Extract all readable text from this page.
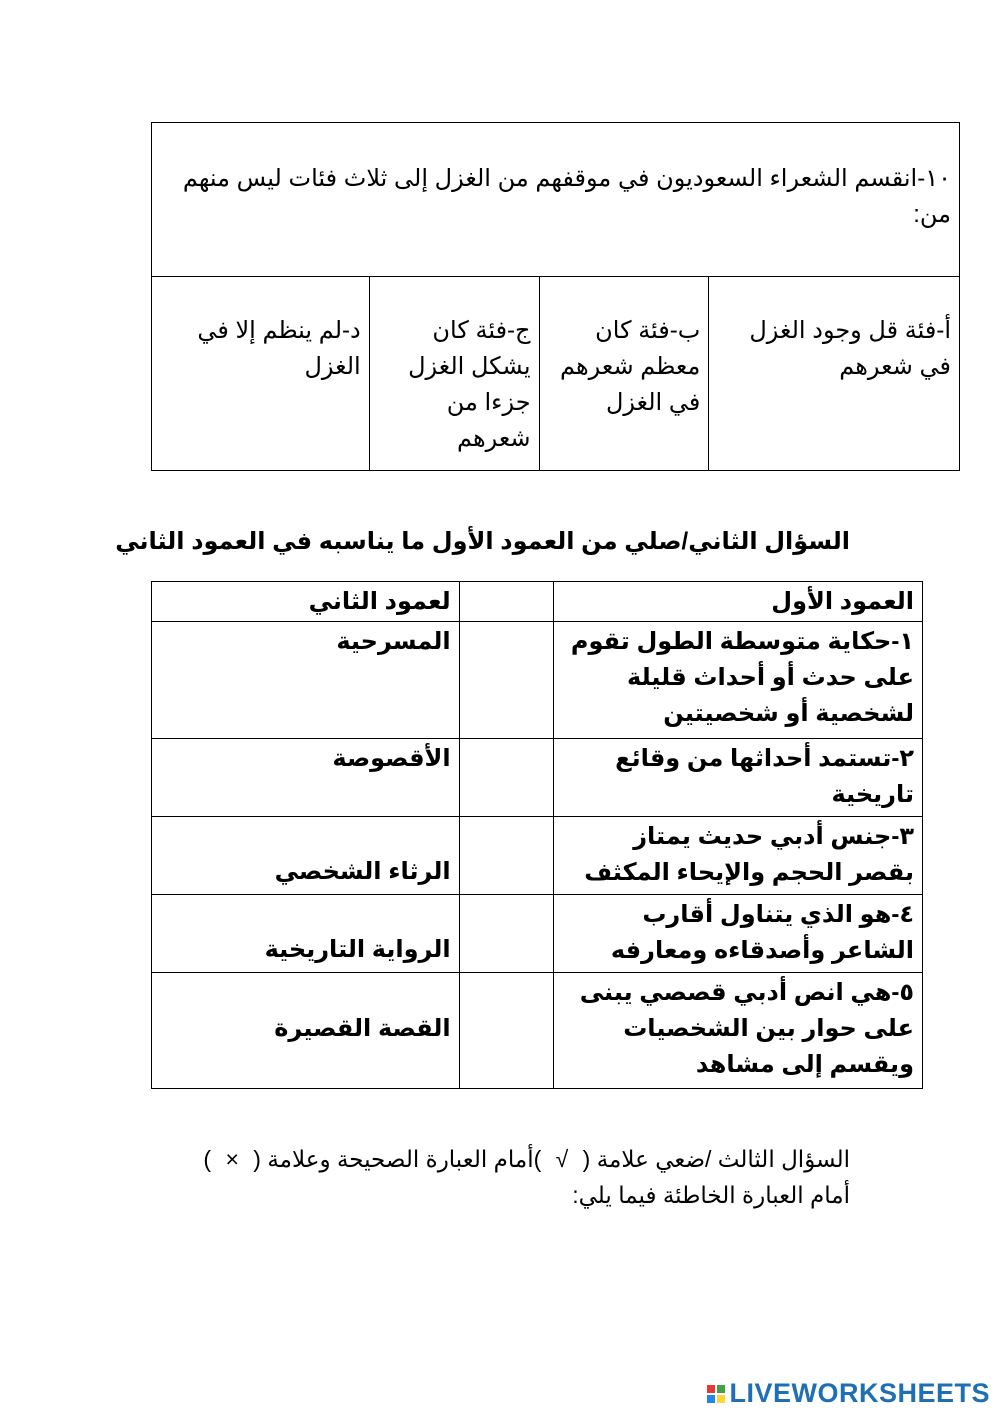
١٠-انقسم الشعراء السعوديون في موقفهم من الغزل إلى ثلاث فئات ليس منهم من:
أ-فئة قل وجود الغزل في شعرهم	ب-فئة كان معظم شعرهم في الغزل	ج-فئة كان يشكل الغزل جزءا من شعرهم	د-لم ينظم إلا في الغزل
السؤال الثاني/صلي من العمود الأول ما يناسبه في العمود الثاني
العمود الأول		لعمود الثاني
١-حكاية متوسطة الطول تقوم على حدث أو أحداث قليلة لشخصية أو شخصيتين		المسرحية
٢-تستمد أحداثها من وقائع تاريخية		الأقصوصة
٣-جنس أدبي حديث يمتاز بقصر الحجم والإيحاء المكثف		الرثاء الشخصي
٤-هو الذي يتناول أقارب الشاعر وأصدقاءه ومعارفه		الرواية التاريخية
٥-هي انص أدبي قصصي يبنى على حوار بين الشخصيات ويقسم إلى مشاهد		القصة القصيرة
السؤال الثالث /ضعي علامة ( √ )أمام العبارة الصحيحة وعلامة ( × )
أمام العبارة الخاطئة فيما يلي:
LIVEWORKSHEETS
